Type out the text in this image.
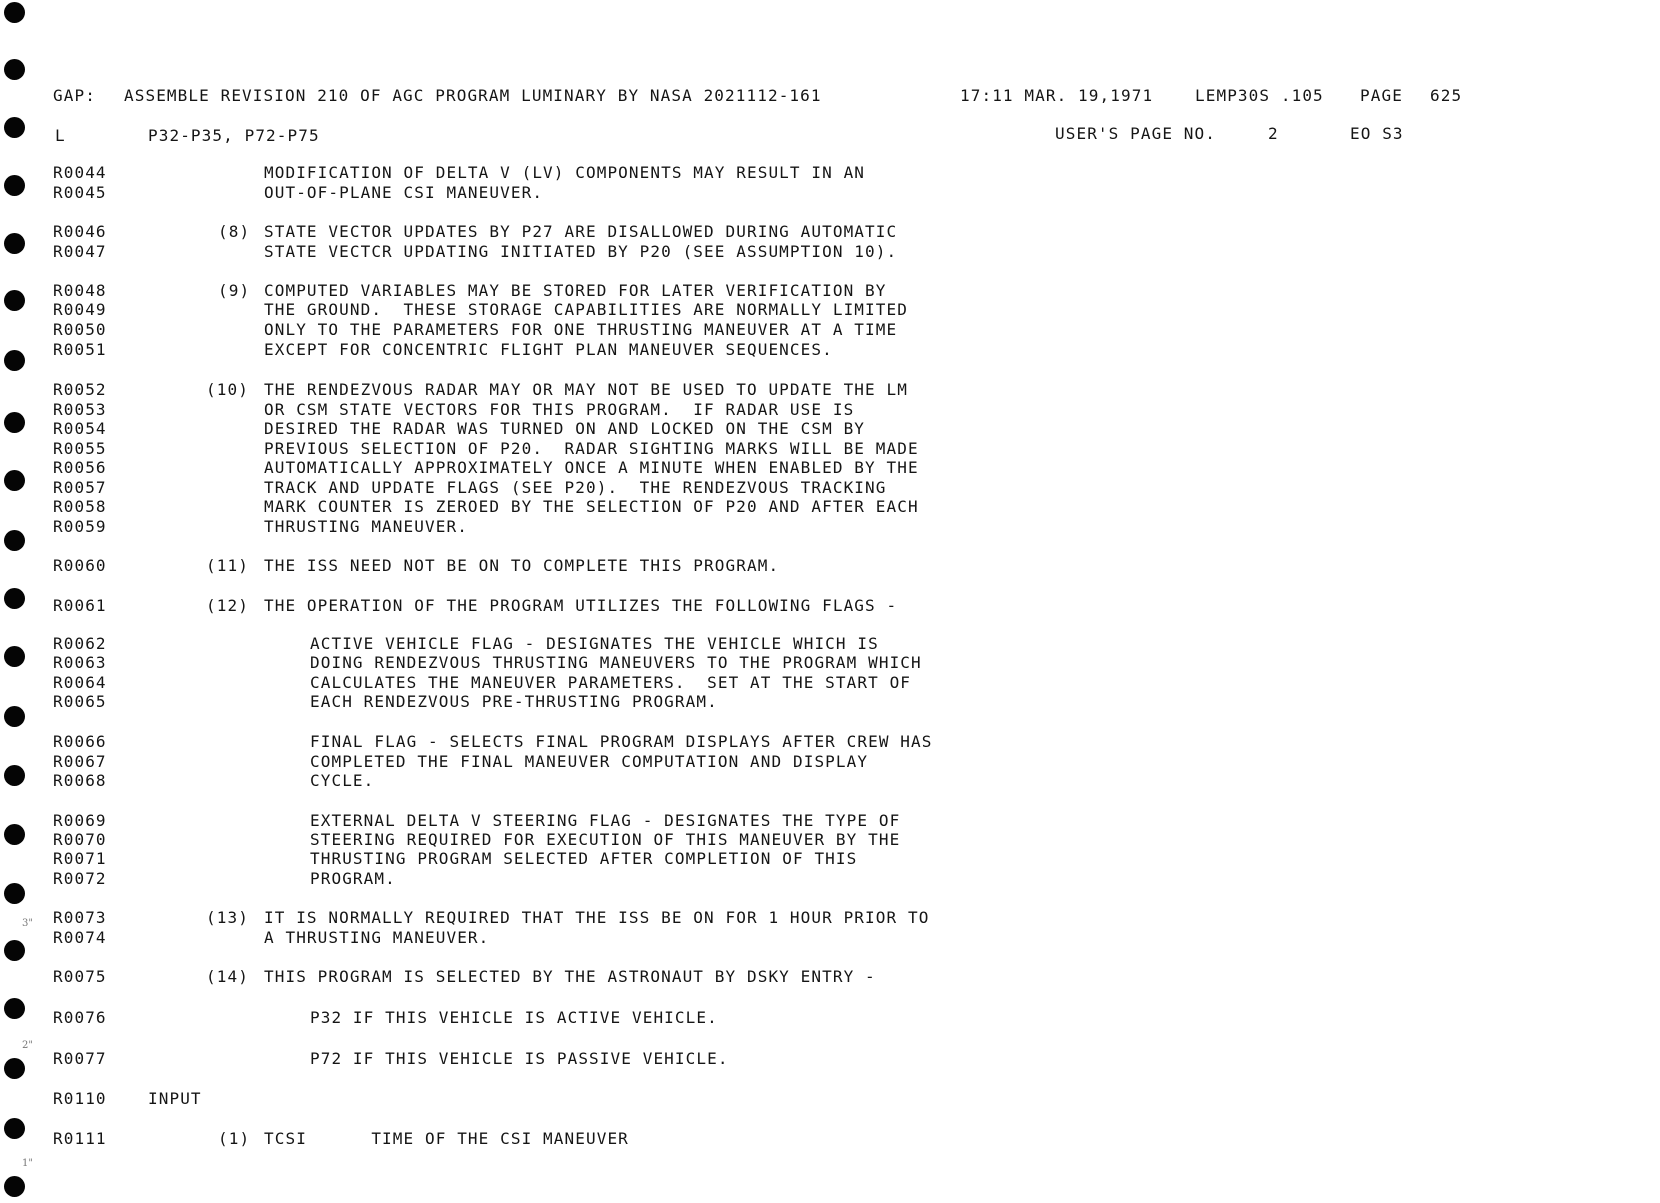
GAP: ASSEMBLE REVISION 210 OF AGC PROGRAM LUMINARY BY NASA 2021112-161	17:11 MAR. 19,1971	LEMP30S .105 PAGE 625
L	P32-P35, P72-P75	USER'S PAGE NO.	2	EO S3
R0044	MODIFICATION OF DELTA V (LV) COMPONENTS MAY RESULT IN AN
R0045	OUT-OF-PLANE CSI MANEUVER.
R0046	(8) STATE VECTOR UPDATES BY P27 ARE DISALLOWED DURING AUTOMATIC
R0047	STATE VECTCR UPDATING INITIATED BY P20 (SEE ASSUMPTION 10).
R0048	(9) COMPUTED VARIABLES MAY BE STORED FOR LATER VERIFICATION BY
R0049	THE GROUND.  THESE STORAGE CAPABILITIES ARE NORMALLY LIMITED
R0050	ONLY TO THE PARAMETERS FOR ONE THRUSTING MANEUVER AT A TIME
R0051	EXCEPT FOR CONCENTRIC FLIGHT PLAN MANEUVER SEQUENCES.
R0052	(10) THE RENDEZVOUS RADAR MAY OR MAY NOT BE USED TO UPDATE THE LM
R0053	OR CSM STATE VECTORS FOR THIS PROGRAM.  IF RADAR USE IS
R0054	DESIRED THE RADAR WAS TURNED ON AND LOCKED ON THE CSM BY
R0055	PREVIOUS SELECTION OF P20.  RADAR SIGHTING MARKS WILL BE MADE
R0056	AUTOMATICALLY APPROXIMATELY ONCE A MINUTE WHEN ENABLED BY THE
R0057	TRACK AND UPDATE FLAGS (SEE P20).  THE RENDEZVOUS TRACKING
R0058	MARK COUNTER IS ZEROED BY THE SELECTION OF P20 AND AFTER EACH
R0059	THRUSTING MANEUVER.
R0060	(11) THE ISS NEED NOT BE ON TO COMPLETE THIS PROGRAM.
R0061	(12) THE OPERATION OF THE PROGRAM UTILIZES THE FOLLOWING FLAGS -
R0062	ACTIVE VEHICLE FLAG - DESIGNATES THE VEHICLE WHICH IS
R0063	DOING RENDEZVOUS THRUSTING MANEUVERS TO THE PROGRAM WHICH
R0064	CALCULATES THE MANEUVER PARAMETERS.  SET AT THE START OF
R0065	EACH RENDEZVOUS PRE-THRUSTING PROGRAM.
R0066	FINAL FLAG - SELECTS FINAL PROGRAM DISPLAYS AFTER CREW HAS
R0067	COMPLETED THE FINAL MANEUVER COMPUTATION AND DISPLAY
R0068	CYCLE.
R0069	EXTERNAL DELTA V STEERING FLAG - DESIGNATES THE TYPE OF
R0070	STEERING REQUIRED FOR EXECUTION OF THIS MANEUVER BY THE
R0071	THRUSTING PROGRAM SELECTED AFTER COMPLETION OF THIS
R0072	PROGRAM.
R0073	(13) IT IS NORMALLY REQUIRED THAT THE ISS BE ON FOR 1 HOUR PRIOR TO
R0074	A THRUSTING MANEUVER.
R0075	(14) THIS PROGRAM IS SELECTED BY THE ASTRONAUT BY DSKY ENTRY -
R0076	P32 IF THIS VEHICLE IS ACTIVE VEHICLE.
R0077	P72 IF THIS VEHICLE IS PASSIVE VEHICLE.
R0110	INPUT
R0111	(1) TCSI      TIME OF THE CSI MANEUVER
3"
2"
1"
